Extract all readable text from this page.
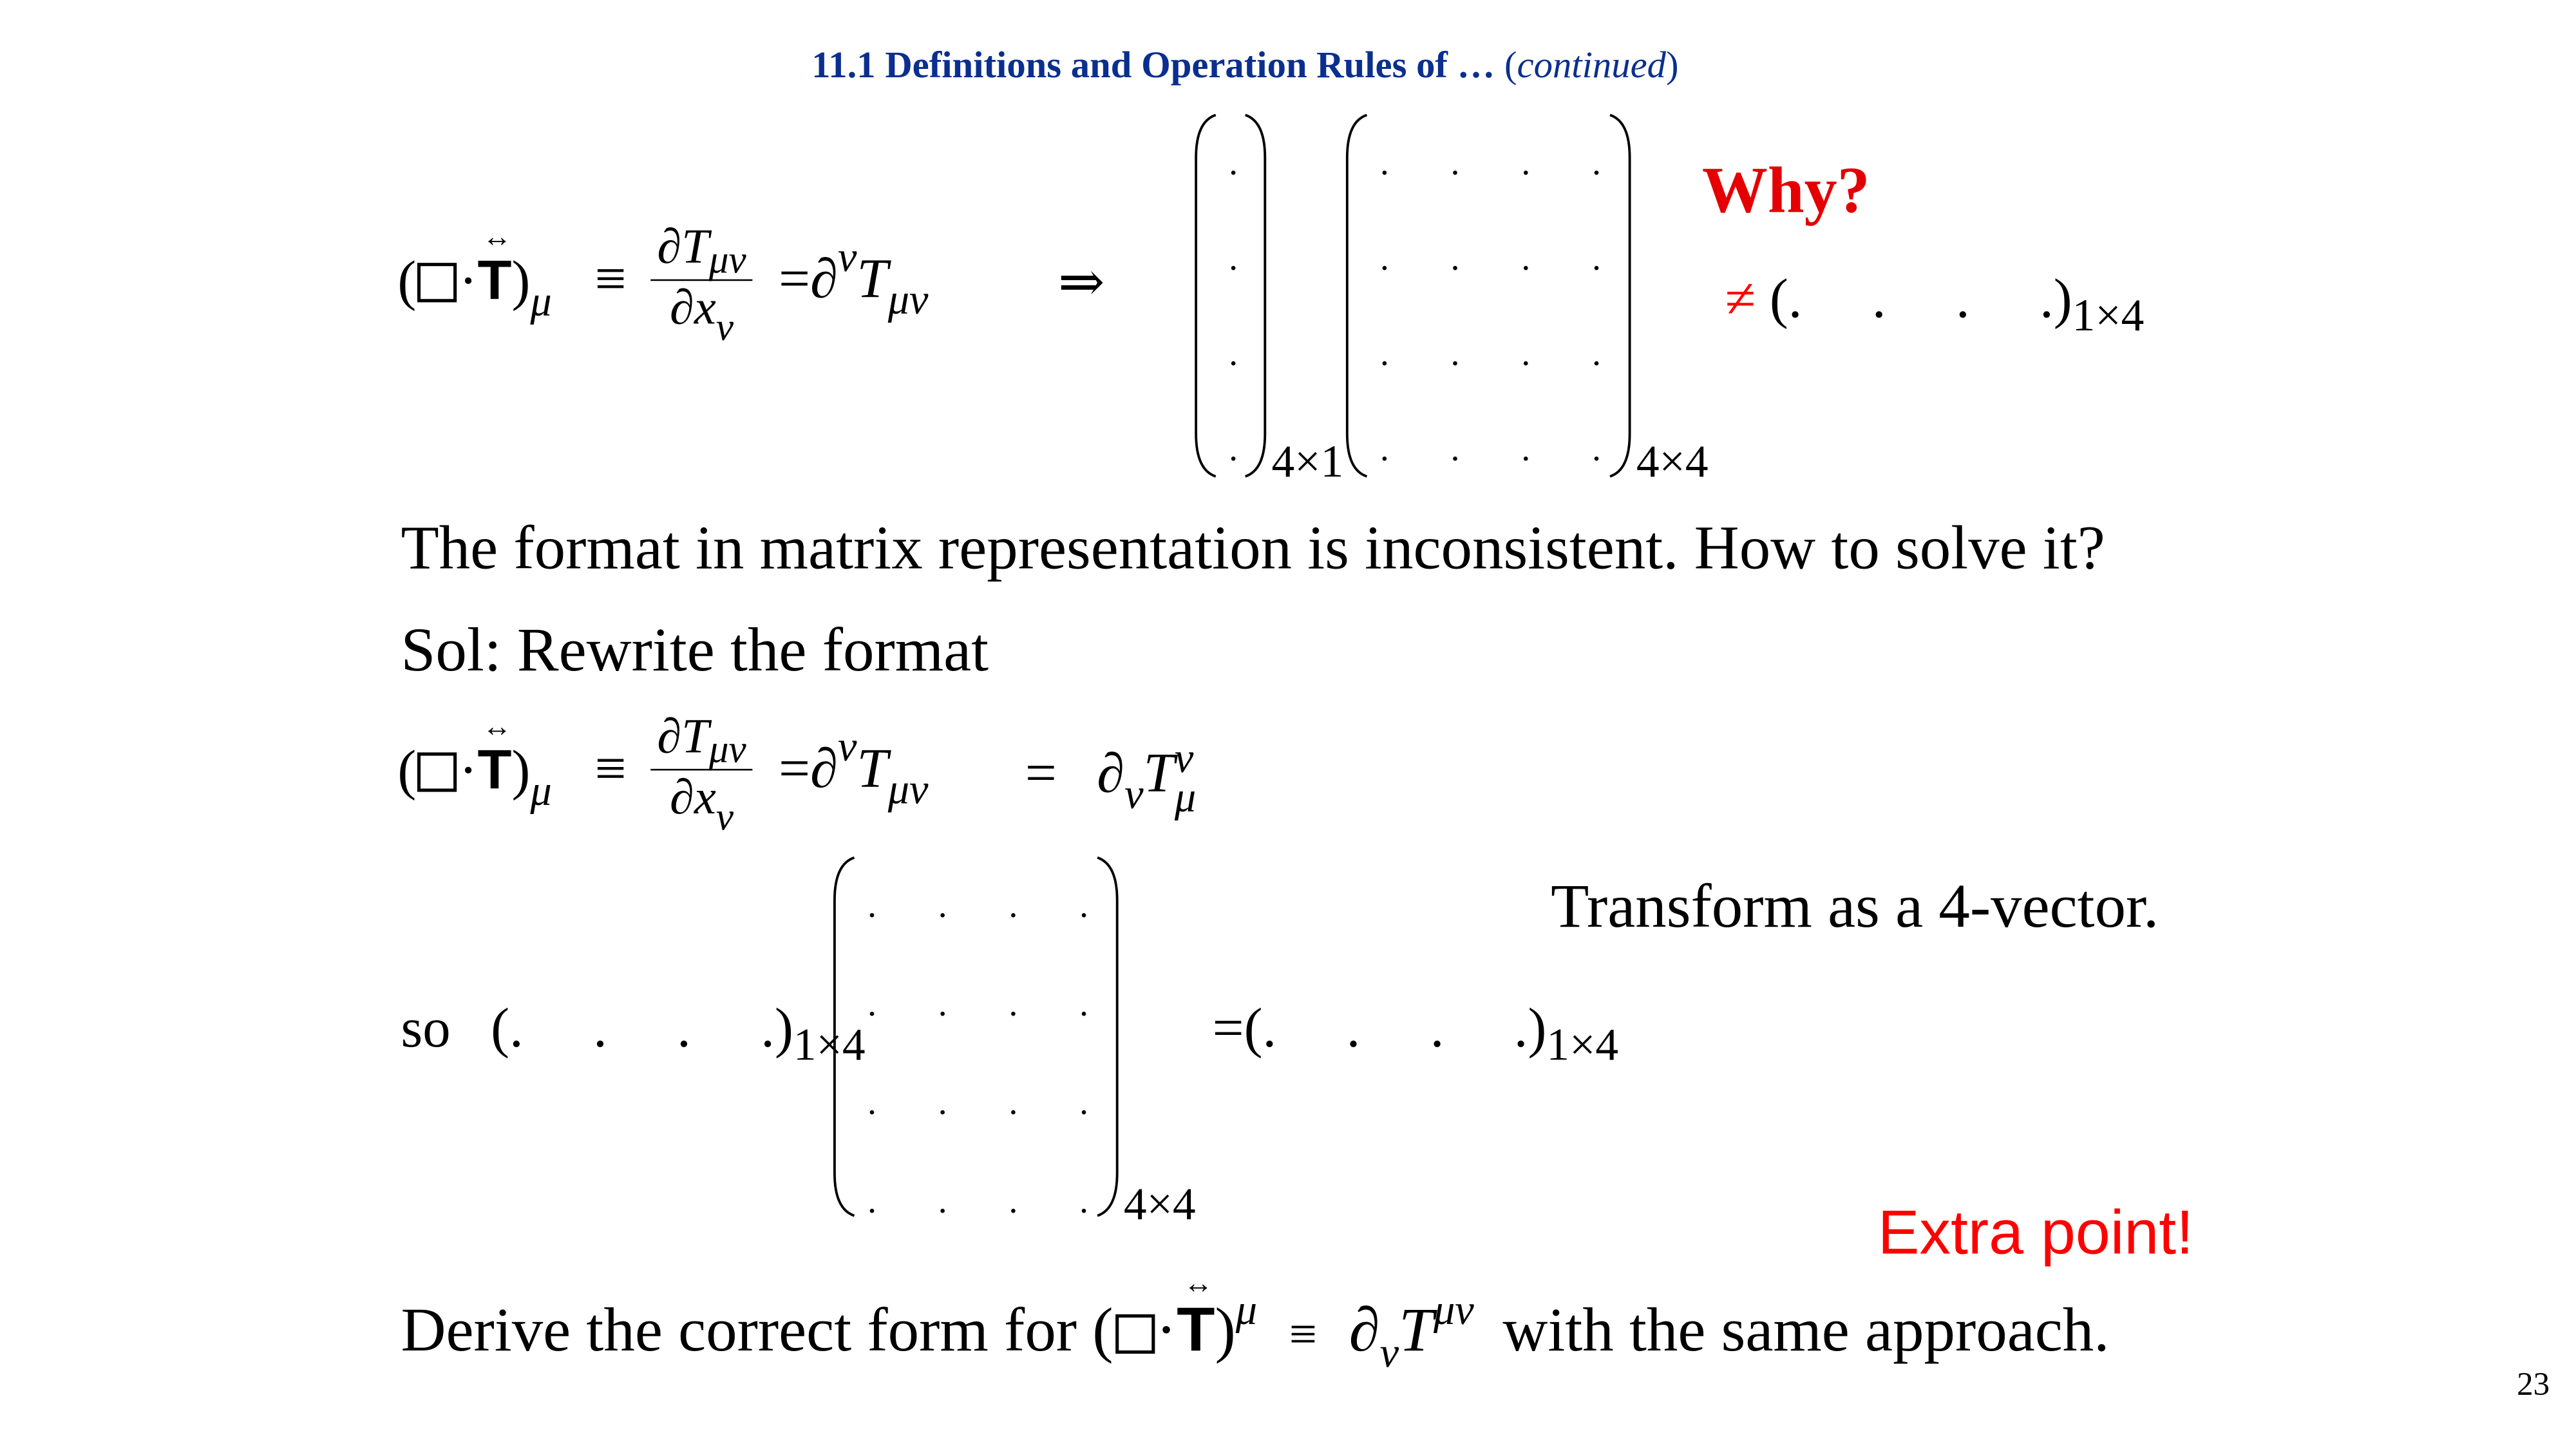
11.1 Definitions and Operation Rules of … (continued)
( ·
↔
$T)_\mu \equiv \frac{\partial T_{\mu\nu}}{\partial x_\nu} =\partial^\nu T_{\mu\nu}$	⇒
.
.
.
. 4×1
.	.	.	.
.	.	.	.
.	.	.	.
.	.	.	. 4×4
Why?
≠ (.     .     .     $.)_{1\times 4}$
The format in matrix representation is inconsistent. How to solve it?
Sol: Rewrite the format
( ·
↔
$T)_\mu \equiv \frac{\partial T_{\mu\nu}}{\partial x_\nu} =\partial^\nu T_{\mu\nu}$	= $\partial_\nu T$ ν
μ
Transform as a 4-vector.
so (.     .     .     $.)_{1\times 4}$
.	.	.	.
.	.	.	.
.	.	.	.
.	.	.	. 4×4
=(.     .     .     $.)_{1\times 4}$
Extra point!
Derive the correct form for ( ·
↔
$T)^\mu \equiv \partial_vT^{\mu v}$ with the same approach.
23
